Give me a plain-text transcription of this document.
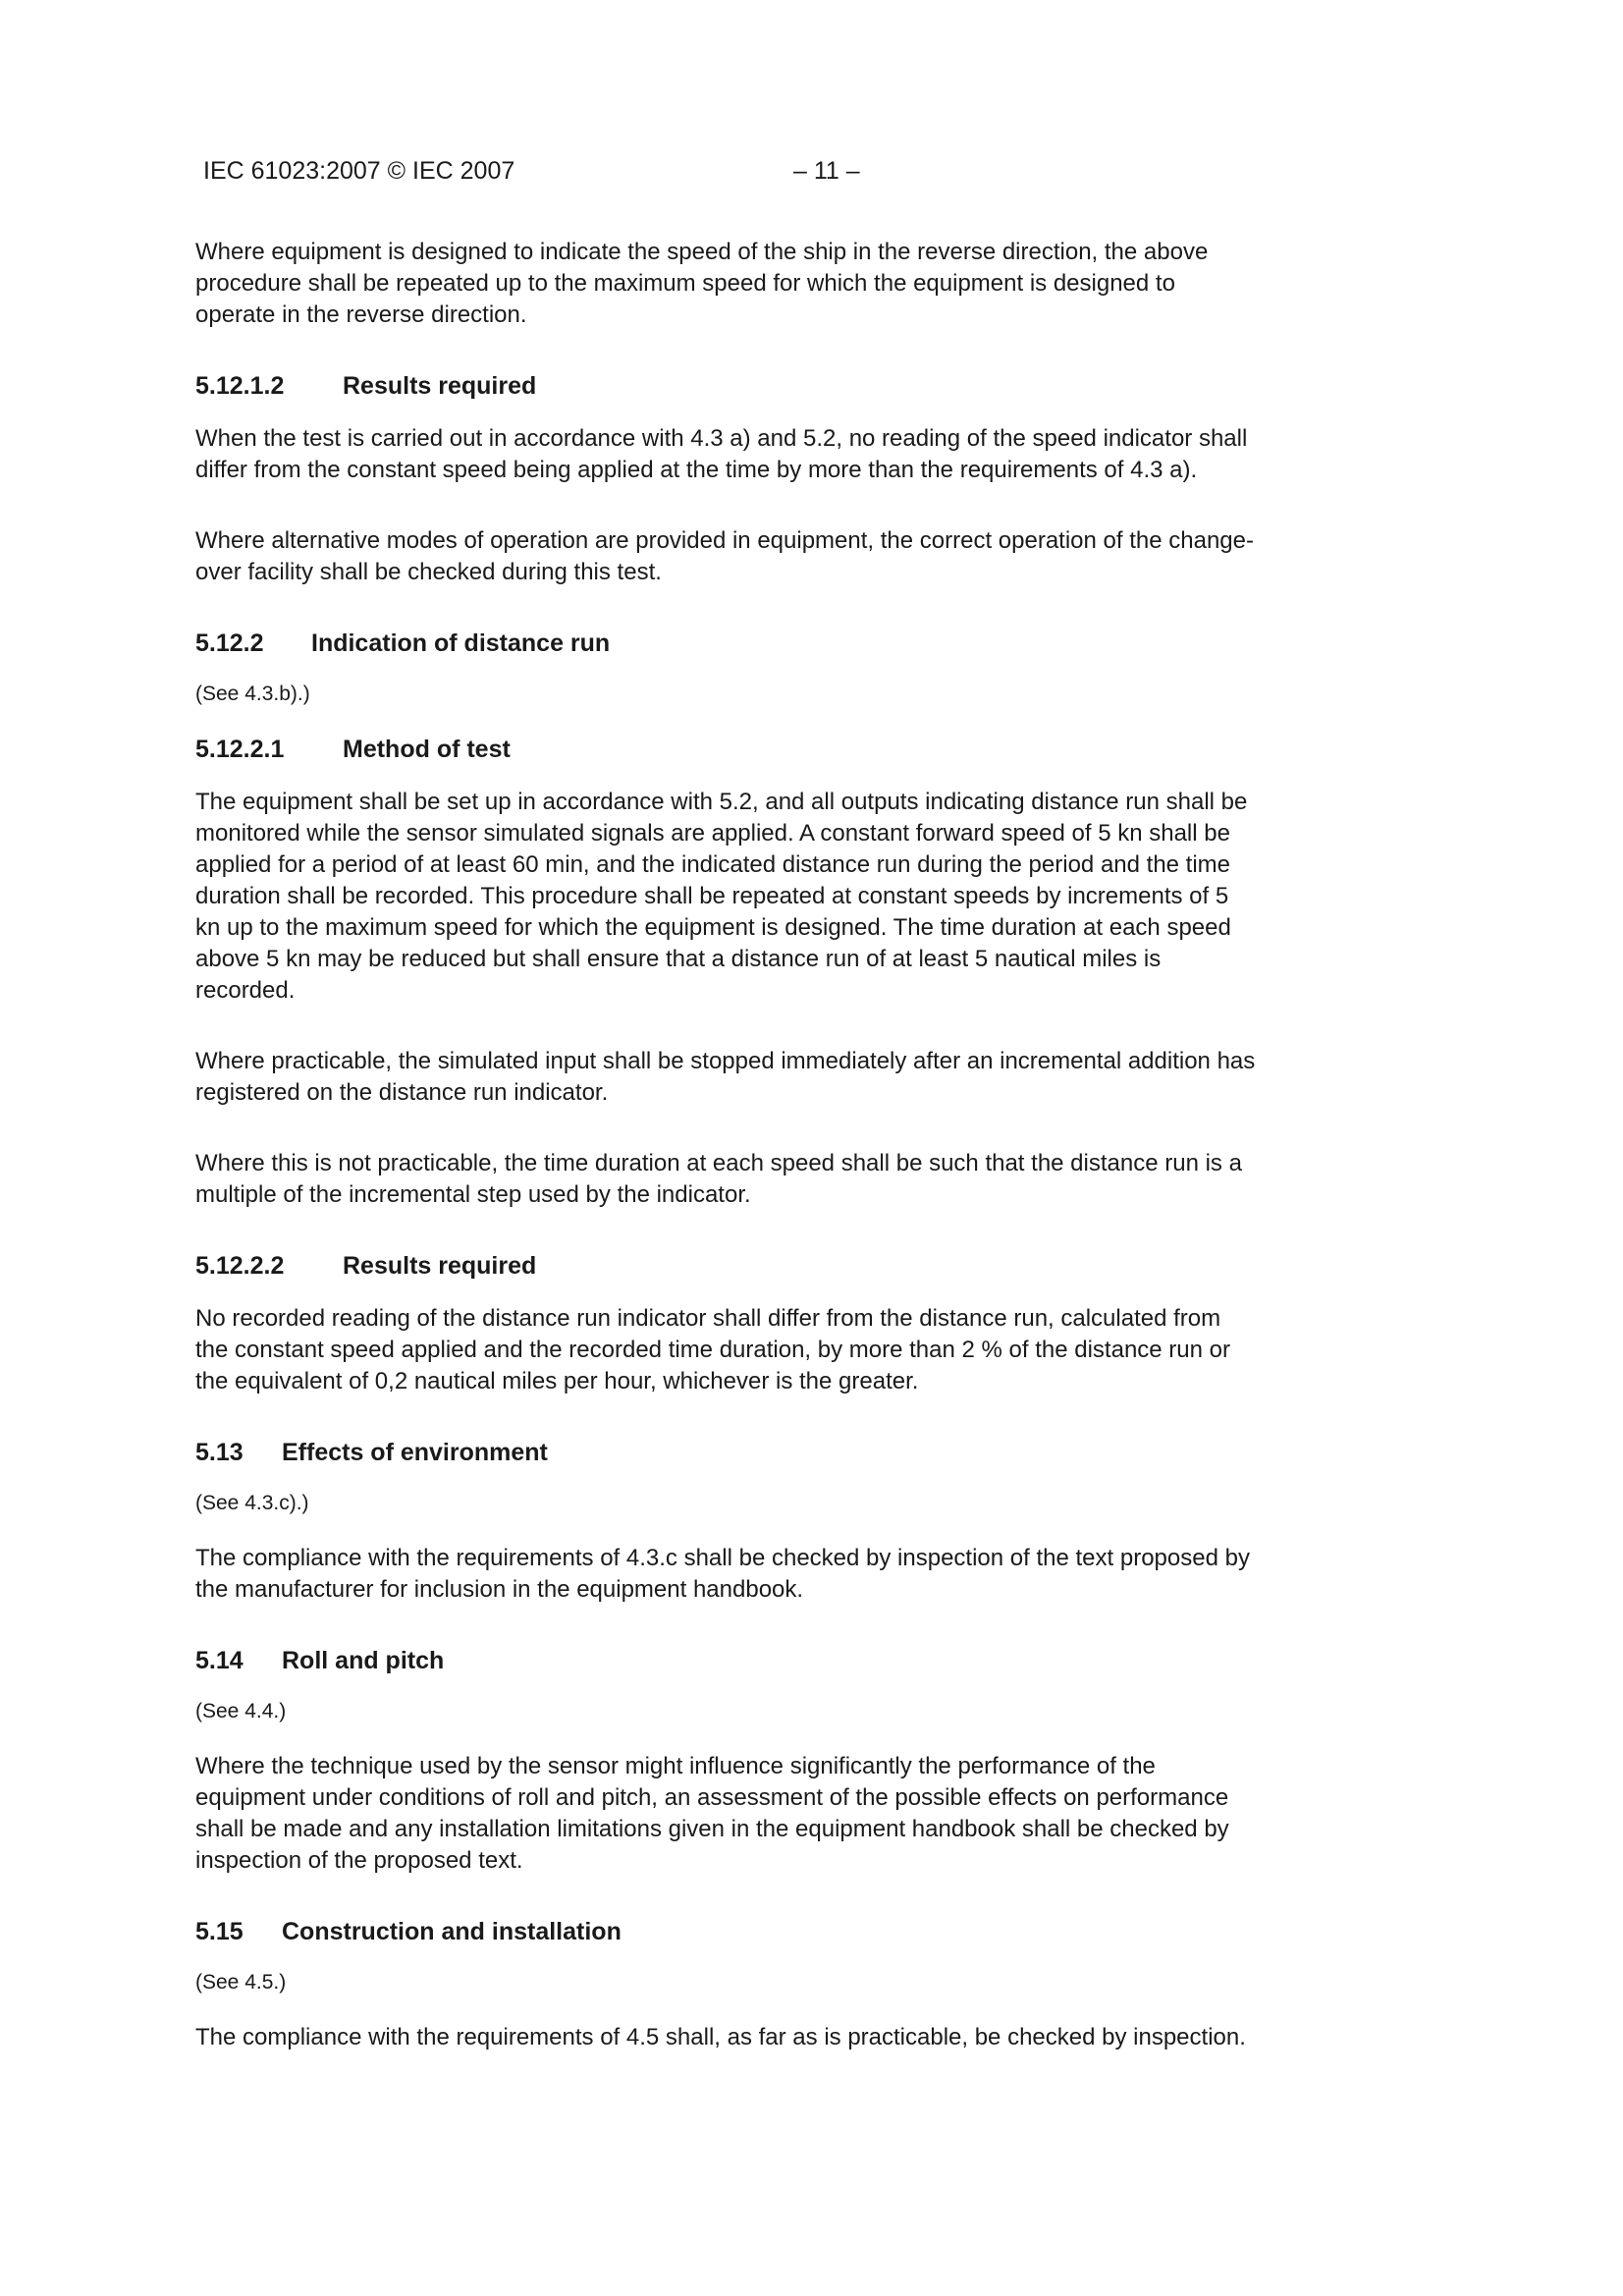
IEC 61023:2007 © IEC 2007	– 11 –

Where equipment is designed to indicate the speed of the ship in the reverse direction, the above procedure shall be repeated up to the maximum speed for which the equipment is designed to operate in the reverse direction.

5.12.1.2 Results required

When the test is carried out in accordance with 4.3 a) and 5.2, no reading of the speed indicator shall differ from the constant speed being applied at the time by more than the requirements of 4.3 a).

Where alternative modes of operation are provided in equipment, the correct operation of the change-over facility shall be checked during this test.

5.12.2 Indication of distance run
(See 4.3.b).)
5.12.2.1 Method of test

The equipment shall be set up in accordance with 5.2, and all outputs indicating distance run shall be monitored while the sensor simulated signals are applied. A constant forward speed of 5 kn shall be applied for a period of at least 60 min, and the indicated distance run during the period and the time duration shall be recorded. This procedure shall be repeated at constant speeds by increments of 5 kn up to the maximum speed for which the equipment is designed. The time duration at each speed above 5 kn may be reduced but shall ensure that a distance run of at least 5 nautical miles is recorded.

Where practicable, the simulated input shall be stopped immediately after an incremental addition has registered on the distance run indicator.

Where this is not practicable, the time duration at each speed shall be such that the distance run is a multiple of the incremental step used by the indicator.

5.12.2.2 Results required

No recorded reading of the distance run indicator shall differ from the distance run, calculated from the constant speed applied and the recorded time duration, by more than 2 % of the distance run or the equivalent of 0,2 nautical miles per hour, whichever is the greater.

5.13 Effects of environment
(See 4.3.c).)

The compliance with the requirements of 4.3.c shall be checked by inspection of the text proposed by the manufacturer for inclusion in the equipment handbook.

5.14 Roll and pitch
(See 4.4.)

Where the technique used by the sensor might influence significantly the performance of the equipment under conditions of roll and pitch, an assessment of the possible effects on performance shall be made and any installation limitations given in the equipment handbook shall be checked by inspection of the proposed text.

5.15 Construction and installation
(See 4.5.)

The compliance with the requirements of 4.5 shall, as far as is practicable, be checked by inspection.
